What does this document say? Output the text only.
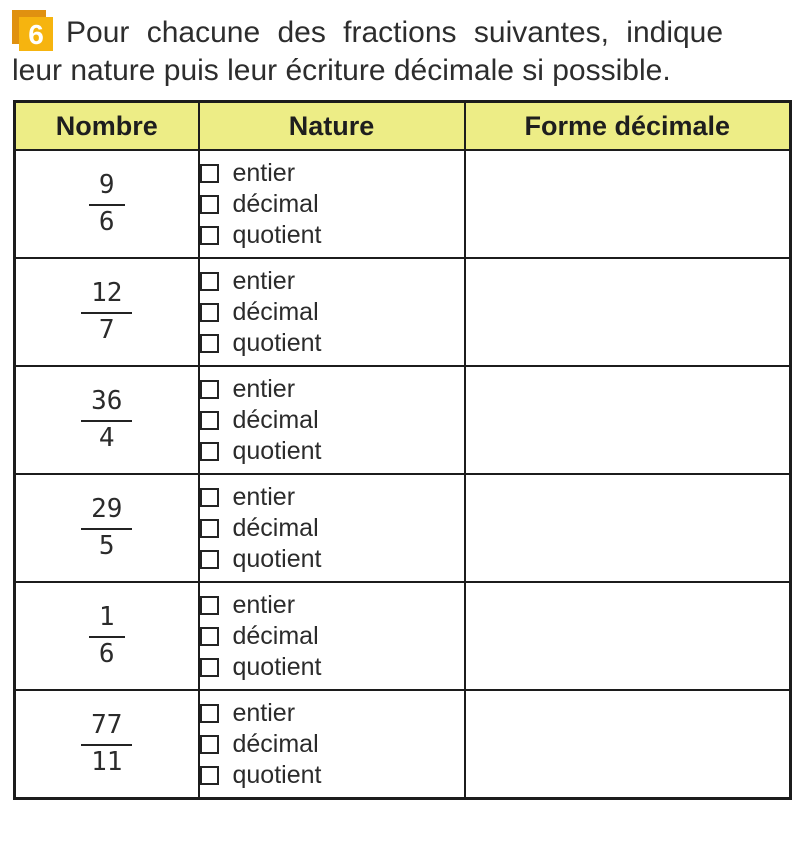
6 Pour chacune des fractions suivantes, indique
leur nature puis leur écriture décimale si possible.
Nombre	Nature	Forme décimale

$\frac{9}{6}$	entier
décimal
quotient

$\frac{12}{7}$	entier
décimal
quotient

$\frac{36}{4}$	entier
décimal
quotient

$\frac{29}{5}$	entier
décimal
quotient

$\frac{1}{6}$	entier
décimal
quotient

$\frac{77}{11}$	entier
décimal
quotient
